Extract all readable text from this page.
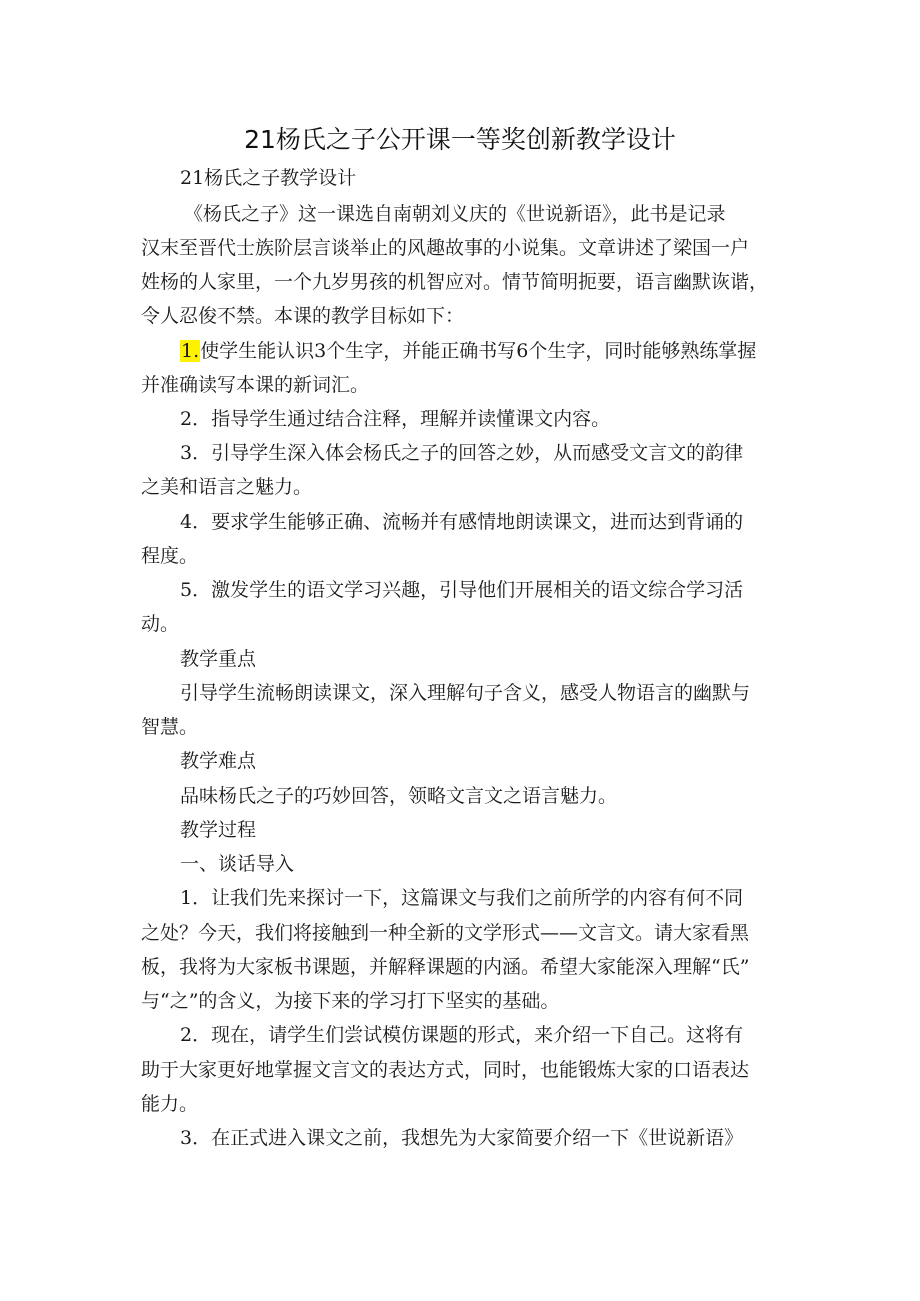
21杨氏之子公开课一等奖创新教学设计
21杨氏之子教学设计
《杨氏之子》这一课选自南朝刘义庆的《世说新语》，此书是记录
汉末至晋代士族阶层言谈举止的风趣故事的小说集。文章讲述了梁国一户
姓杨的人家里，一个九岁男孩的机智应对。情节简明扼要，语言幽默诙谐，
令人忍俊不禁。本课的教学目标如下：
1.使学生能认识3个生字，并能正确书写6个生字，同时能够熟练掌握
并准确读写本课的新词汇。
2．指导学生通过结合注释，理解并读懂课文内容。
3．引导学生深入体会杨氏之子的回答之妙，从而感受文言文的韵律
之美和语言之魅力。
4．要求学生能够正确、流畅并有感情地朗读课文，进而达到背诵的
程度。
5．激发学生的语文学习兴趣，引导他们开展相关的语文综合学习活
动。
教学重点
引导学生流畅朗读课文，深入理解句子含义，感受人物语言的幽默与
智慧。
教学难点
品味杨氏之子的巧妙回答，领略文言文之语言魅力。
教学过程
一、谈话导入
1．让我们先来探讨一下，这篇课文与我们之前所学的内容有何不同
之处？今天，我们将接触到一种全新的文学形式——文言文。请大家看黑
板，我将为大家板书课题，并解释课题的内涵。希望大家能深入理解“氏”
与“之”的含义，为接下来的学习打下坚实的基础。
2．现在，请学生们尝试模仿课题的形式，来介绍一下自己。这将有
助于大家更好地掌握文言文的表达方式，同时，也能锻炼大家的口语表达
能力。
3．在正式进入课文之前，我想先为大家简要介绍一下《世说新语》
